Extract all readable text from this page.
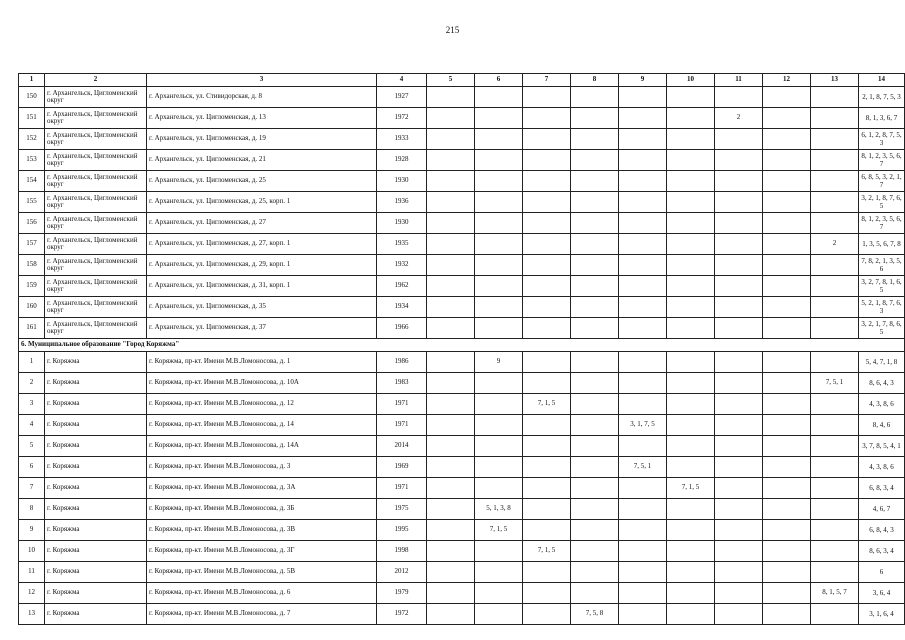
215
1	2	3	4	5	6	7	8	9	10	11	12	13	14
150	г. Архангельск, Цигломенский округ	г. Архангельск, ул. Стивидорская, д. 8	1927										2, 1, 8, 7, 5, 3
151	г. Архангельск, Цигломенский округ	г. Архангельск, ул. Цигломенская, д. 13	1972							2			8, 1, 3, 6, 7
152	г. Архангельск, Цигломенский округ	г. Архангельск, ул. Цигломенская, д. 19	1933										6, 1, 2, 8, 7, 5, 3
153	г. Архангельск, Цигломенский округ	г. Архангельск, ул. Цигломенская, д. 21	1928										8, 1, 2, 3, 5, 6, 7
154	г. Архангельск, Цигломенский округ	г. Архангельск, ул. Цигломенская, д. 25	1930										6, 8, 5, 3, 2, 1, 7
155	г. Архангельск, Цигломенский округ	г. Архангельск, ул. Цигломенская, д. 25, корп. 1	1936										3, 2, 1, 8, 7, 6, 5
156	г. Архангельск, Цигломенский округ	г. Архангельск, ул. Цигломенская, д. 27	1930										8, 1, 2, 3, 5, 6, 7
157	г. Архангельск, Цигломенский округ	г. Архангельск, ул. Цигломенская, д. 27, корп. 1	1935									2	1, 3, 5, 6, 7, 8
158	г. Архангельск, Цигломенский округ	г. Архангельск, ул. Цигломенская, д. 29, корп. 1	1932										7, 8, 2, 1, 3, 5, 6
159	г. Архангельск, Цигломенский округ	г. Архангельск, ул. Цигломенская, д. 31, корп. 1	1962										3, 2, 7, 8, 1, 6, 5
160	г. Архангельск, Цигломенский округ	г. Архангельск, ул. Цигломенская, д. 35	1934										5, 2, 1, 8, 7, 6, 3
161	г. Архангельск, Цигломенский округ	г. Архангельск, ул. Цигломенская, д. 37	1966										3, 2, 1, 7, 8, 6, 5
6. Муниципальное образование "Город Коряжма"													
1	г. Коряжма	г. Коряжма, пр-кт. Имени М.В.Ломоносова, д. 1	1986		9								5, 4, 7, 1, 8
2	г. Коряжма	г. Коряжма, пр-кт. Имени М.В.Ломоносова, д. 10А	1983									7, 5, 1	8, 6, 4, 3
3	г. Коряжма	г. Коряжма, пр-кт. Имени М.В.Ломоносова, д. 12	1971			7, 1, 5							4, 3, 8, 6
4	г. Коряжма	г. Коряжма, пр-кт. Имени М.В.Ломоносова, д. 14	1971					3, 1, 7, 5					8, 4, 6
5	г. Коряжма	г. Коряжма, пр-кт. Имени М.В.Ломоносова, д. 14А	2014										3, 7, 8, 5, 4, 1
6	г. Коряжма	г. Коряжма, пр-кт. Имени М.В.Ломоносова, д. 3	1969					7, 5, 1					4, 3, 8, 6
7	г. Коряжма	г. Коряжма, пр-кт. Имени М.В.Ломоносова, д. 3А	1971						7, 1, 5				6, 8, 3, 4
8	г. Коряжма	г. Коряжма, пр-кт. Имени М.В.Ломоносова, д. 3Б	1975		5, 1, 3, 8								4, 6, 7
9	г. Коряжма	г. Коряжма, пр-кт. Имени М.В.Ломоносова, д. 3В	1995		7, 1, 5								6, 8, 4, 3
10	г. Коряжма	г. Коряжма, пр-кт. Имени М.В.Ломоносова, д. 3Г	1998			7, 1, 5							8, 6, 3, 4
11	г. Коряжма	г. Коряжма, пр-кт. Имени М.В.Ломоносова, д. 5В	2012										6
12	г. Коряжма	г. Коряжма, пр-кт. Имени М.В.Ломоносова, д. 6	1979									8, 1, 5, 7	3, 6, 4
13	г. Коряжма	г. Коряжма, пр-кт. Имени М.В.Ломоносова, д. 7	1972				7, 5, 8						3, 1, 6, 4
